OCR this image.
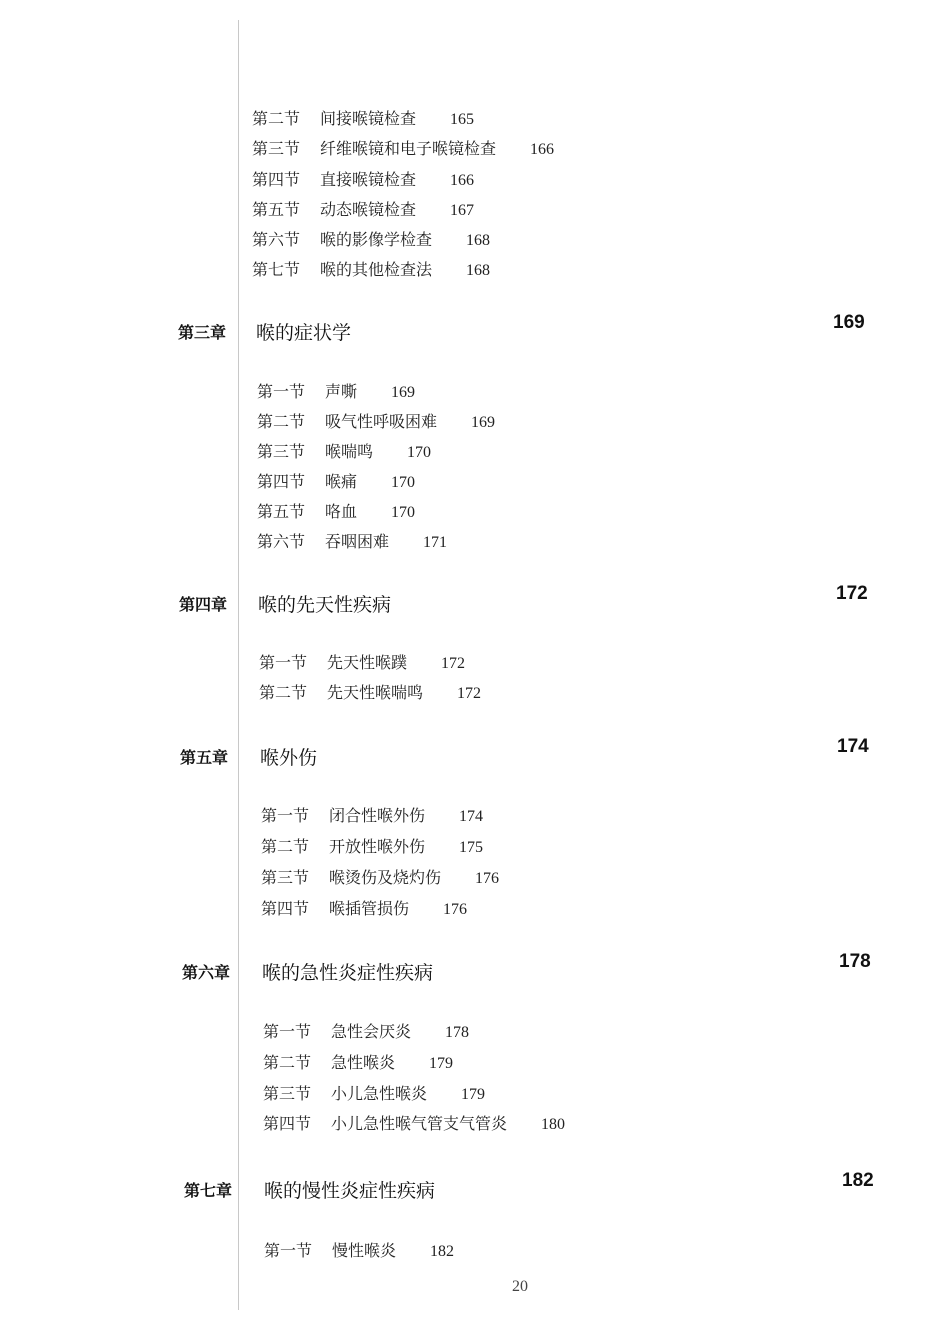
第二节 间接喉镜检查 165
第三节 纤维喉镜和电子喉镜检查 166
第四节 直接喉镜检查 166
第五节 动态喉镜检查 167
第六节 喉的影像学检查 168
第七节 喉的其他检查法 168
第三章 喉的症状学	169
第一节 声嘶 169
第二节 吸气性呼吸困难 169
第三节 喉喘鸣 170
第四节 喉痛 170
第五节 咯血 170
第六节 吞咽困难 171
第四章 喉的先天性疾病
172
第一节 先天性喉蹼 172
第二节 先天性喉喘鸣 172
第五章 喉外伤
174
第一节 闭合性喉外伤 174
第二节 开放性喉外伤 175
第三节 喉烫伤及烧灼伤 176
第四节 喉插管损伤 176
第六章 喉的急性炎症性疾病
178
第一节 急性会厌炎 178
第二节 急性喉炎 179
第三节 小儿急性喉炎 179
第四节 小儿急性喉气管支气管炎 180
第七章 喉的慢性炎症性疾病	182
第一节 慢性喉炎 182
20
